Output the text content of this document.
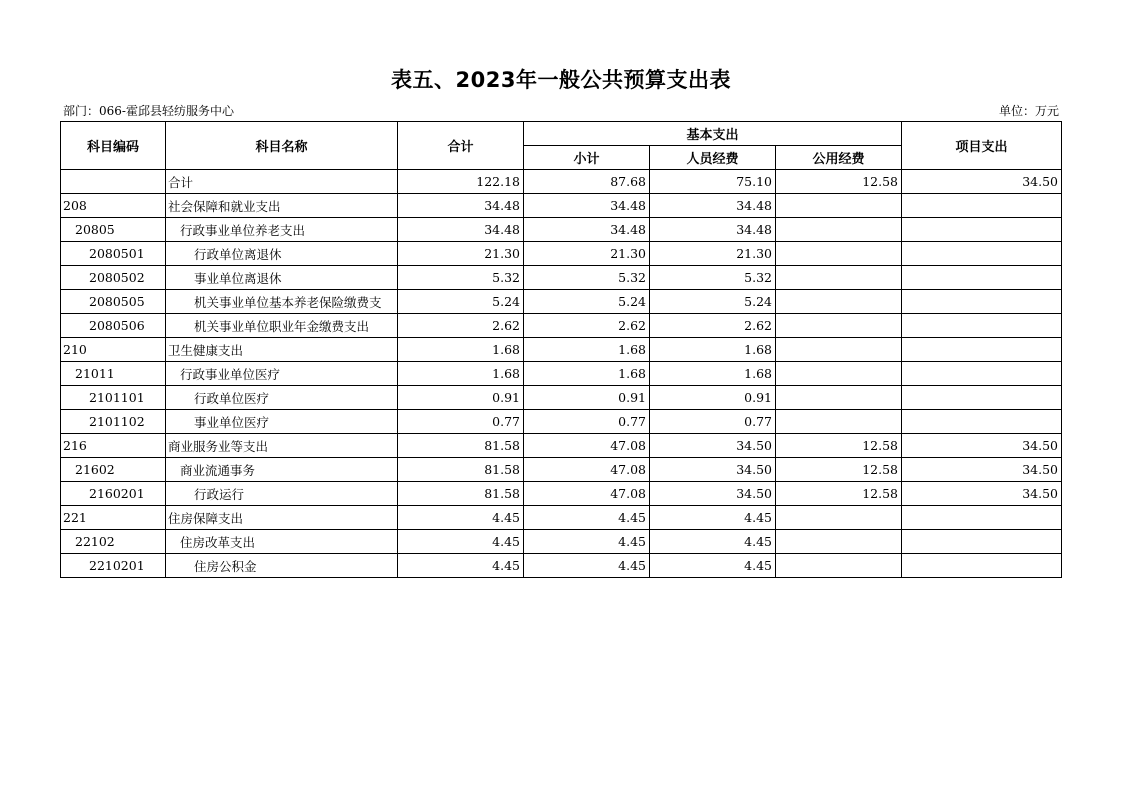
表五、2023年一般公共预算支出表
部门：066-霍邱县轻纺服务中心	单位：万元
科目编码	科目名称	合计	基本支出			项目支出
			小计	人员经费	公用经费	
	合计	122.18	87.68	75.10	12.58	34.50
208	社会保障和就业支出	34.48	34.48	34.48		
20805	行政事业单位养老支出	34.48	34.48	34.48		
2080501	行政单位离退休	21.30	21.30	21.30		
2080502	事业单位离退休	5.32	5.32	5.32		
2080505	机关事业单位基本养老保险缴费支	5.24	5.24	5.24		
2080506	机关事业单位职业年金缴费支出	2.62	2.62	2.62		
210	卫生健康支出	1.68	1.68	1.68		
21011	行政事业单位医疗	1.68	1.68	1.68		
2101101	行政单位医疗	0.91	0.91	0.91		
2101102	事业单位医疗	0.77	0.77	0.77		
216	商业服务业等支出	81.58	47.08	34.50	12.58	34.50
21602	商业流通事务	81.58	47.08	34.50	12.58	34.50
2160201	行政运行	81.58	47.08	34.50	12.58	34.50
221	住房保障支出	4.45	4.45	4.45		
22102	住房改革支出	4.45	4.45	4.45		
2210201	住房公积金	4.45	4.45	4.45		
